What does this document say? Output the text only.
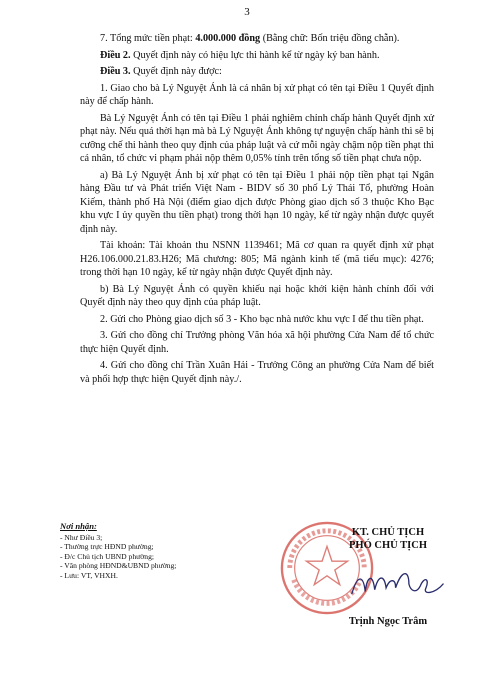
3

7. Tổng mức tiền phạt: 4.000.000 đồng (Bằng chữ: Bốn triệu đồng chẵn).

Điều 2. Quyết định này có hiệu lực thi hành kể từ ngày ký ban hành.

Điều 3. Quyết định này được:

1. Giao cho bà Lý Nguyệt Ánh là cá nhân bị xử phạt có tên tại Điều 1 Quyết định này để chấp hành.

Bà Lý Nguyệt Ánh có tên tại Điều 1 phải nghiêm chỉnh chấp hành Quyết định xử phạt này. Nếu quá thời hạn mà bà Lý Nguyệt Ánh không tự nguyện chấp hành thì sẽ bị cưỡng chế thi hành theo quy định của pháp luật và cứ mỗi ngày chậm nộp tiền phạt thì cá nhân, tổ chức vi phạm phải nộp thêm 0,05% tính trên tổng số tiền phạt chưa nộp.

a) Bà Lý Nguyệt Ánh bị xử phạt có tên tại Điều 1 phải nộp tiền phạt tại Ngân hàng Đầu tư và Phát triển Việt Nam - BIDV số 30 phố Lý Thái Tổ, phường Hoàn Kiếm, thành phố Hà Nội (điểm giao dịch được Phòng giao dịch số 3 thuộc Kho Bạc khu vực I ủy quyền thu tiền phạt) trong thời hạn 10 ngày, kể từ ngày nhận được quyết định này.

Tài khoản: Tài khoản thu NSNN 1139461; Mã cơ quan ra quyết định xử phạt H26.106.000.21.83.H26; Mã chương: 805; Mã ngành kinh tế (mã tiểu mục): 4276; trong thời hạn 10 ngày, kể từ ngày nhận được Quyết định này.

b) Bà Lý Nguyệt Ánh có quyền khiếu nại hoặc khởi kiện hành chính đối với Quyết định này theo quy định của pháp luật.

2. Gửi cho Phòng giao dịch số 3 - Kho bạc nhà nước khu vực I để thu tiền phạt.

3. Gửi cho đồng chí Trưởng phòng Văn hóa xã hội phường Cửa Nam để tổ chức thực hiện Quyết định.

4. Gửi cho đồng chí Trần Xuân Hải - Trưởng Công an phường Cửa Nam để biết và phối hợp thực hiện Quyết định này./.

Nơi nhận:
- Như Điều 3;
- Thường trực HĐND phường;
- Đ/c Chủ tịch UBND phường;
- Văn phòng HĐND&UBND phường;
- Lưu: VT, VHXH.
KT. CHỦ TỊCH
PHÓ CHỦ TỊCH
Trịnh Ngọc Trâm
